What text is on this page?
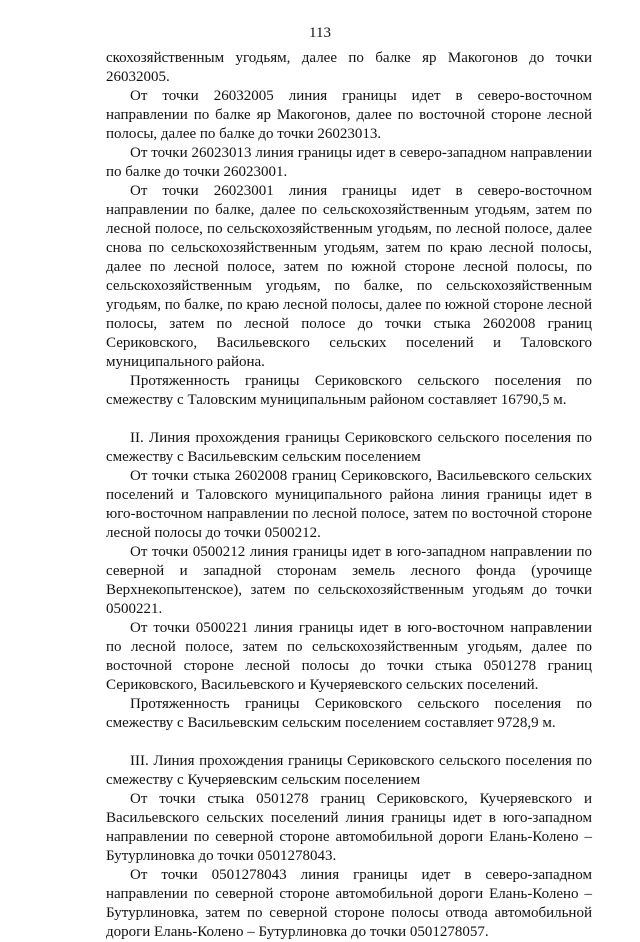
113

скохозяйственным угодьям, далее по балке яр Макогонов до точки 26032005.

От точки 26032005 линия границы идет в северо-восточном направлении по балке яр Макогонов, далее по восточной стороне лесной полосы, далее по балке до точки 26023013.

От точки 26023013 линия границы идет в северо-западном направлении по балке до точки 26023001.

От точки 26023001 линия границы идет в северо-восточном направлении по балке, далее по сельскохозяйственным угодьям, затем по лесной полосе, по сельскохозяйственным угодьям, по лесной полосе, далее снова по сельскохозяйственным угодьям, затем по краю лесной полосы, далее по лесной полосе, затем по южной стороне лесной полосы, по сельскохозяйственным угодьям, по балке, по сельскохозяйственным угодьям, по балке, по краю лесной полосы, далее по южной стороне лесной полосы, затем по лесной полосе до точки стыка 2602008 границ Сериковского, Васильевского сельских поселений и Таловского муниципального района.

Протяженность границы Сериковского сельского поселения по смежеству с Таловским муниципальным районом составляет 16790,5 м.

II. Линия прохождения границы Сериковского сельского поселения по смежеству с Васильевским сельским поселением

От точки стыка 2602008 границ Сериковского, Васильевского сельских поселений и Таловского муниципального района линия границы идет в юго-восточном направлении по лесной полосе, затем по восточной стороне лесной полосы до точки 0500212.

От точки 0500212 линия границы идет в юго-западном направлении по северной и западной сторонам земель лесного фонда (урочище Верхнекопытенское), затем по сельскохозяйственным угодьям до точки 0500221.

От точки 0500221 линия границы идет в юго-восточном направлении по лесной полосе, затем по сельскохозяйственным угодьям, далее по восточной стороне лесной полосы до точки стыка 0501278 границ Сериковского, Васильевского и Кучеряевского сельских поселений.

Протяженность границы Сериковского сельского поселения по смежеству с Васильевским сельским поселением составляет 9728,9 м.

III. Линия прохождения границы Сериковского сельского поселения по смежеству с Кучеряевским сельским поселением

От точки стыка 0501278 границ Сериковского, Кучеряевского и Васильевского сельских поселений линия границы идет в юго-западном направлении по северной стороне автомобильной дороги Елань-Колено – Бутурлиновка до точки 0501278043.

От точки 0501278043 линия границы идет в северо-западном направлении по северной стороне автомобильной дороги Елань-Колено – Бутурлиновка, затем по северной стороне полосы отвода автомобильной дороги Елань-Колено – Бутурлиновка до точки 0501278057.
